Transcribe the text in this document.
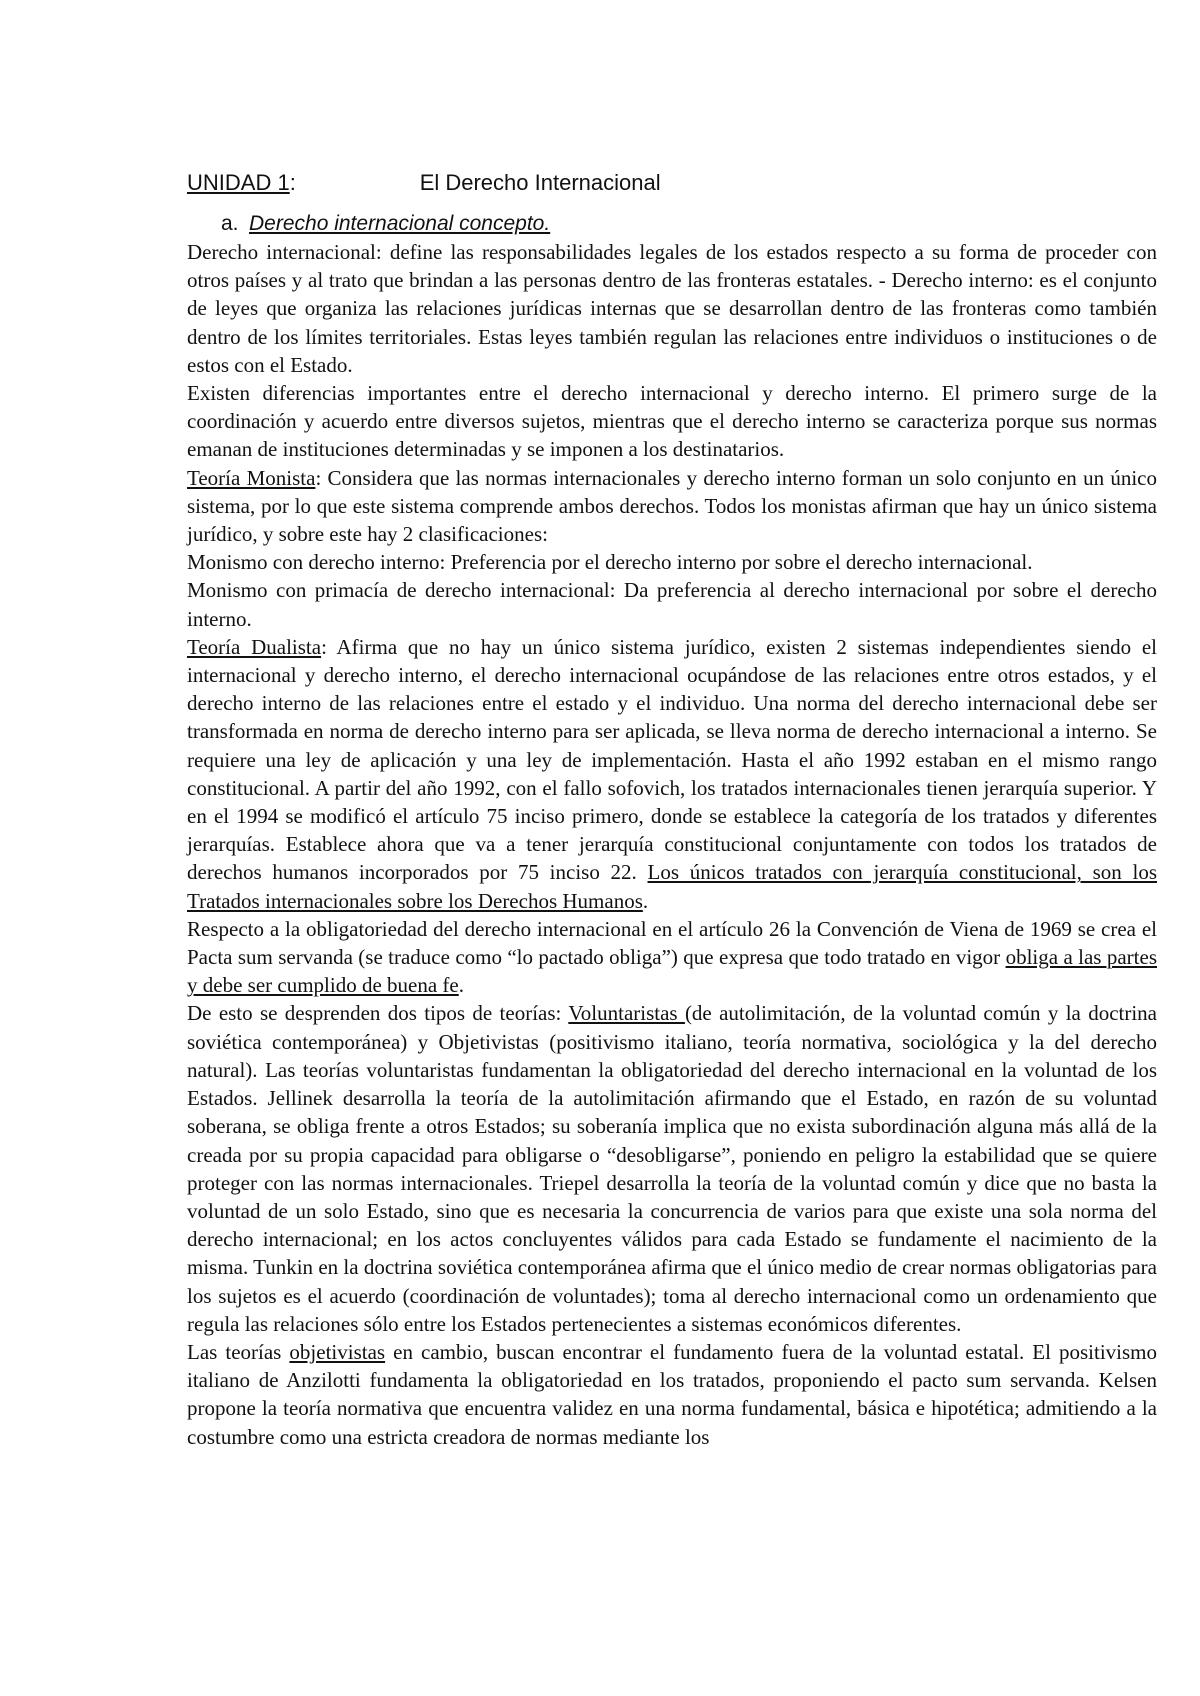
UNIDAD 1:	El Derecho Internacional
a. Derecho internacional concepto.

Derecho internacional: define las responsabilidades legales de los estados respecto a su forma de proceder con otros países y al trato que brindan a las personas dentro de las fronteras estatales. - Derecho interno: es el conjunto de leyes que organiza las relaciones jurídicas internas que se desarrollan dentro de las fronteras como también dentro de los límites territoriales. Estas leyes también regulan las relaciones entre individuos o instituciones o de estos con el Estado.

Existen diferencias importantes entre el derecho internacional y derecho interno. El primero surge de la coordinación y acuerdo entre diversos sujetos, mientras que el derecho interno se caracteriza porque sus normas emanan de instituciones determinadas y se imponen a los destinatarios.

Teoría Monista: Considera que las normas internacionales y derecho interno forman un solo conjunto en un único sistema, por lo que este sistema comprende ambos derechos. Todos los monistas afirman que hay un único sistema jurídico, y sobre este hay 2 clasificaciones:

Monismo con derecho interno: Preferencia por el derecho interno por sobre el derecho internacional.

Monismo con primacía de derecho internacional: Da preferencia al derecho internacional por sobre el derecho interno.

Teoría Dualista: Afirma que no hay un único sistema jurídico, existen 2 sistemas independientes siendo el internacional y derecho interno, el derecho internacional ocupándose de las relaciones entre otros estados, y el derecho interno de las relaciones entre el estado y el individuo. Una norma del derecho internacional debe ser transformada en norma de derecho interno para ser aplicada, se lleva norma de derecho internacional a interno. Se requiere una ley de aplicación y una ley de implementación. Hasta el año 1992 estaban en el mismo rango constitucional. A partir del año 1992, con el fallo sofovich, los tratados internacionales tienen jerarquía superior. Y en el 1994 se modificó el artículo 75 inciso primero, donde se establece la categoría de los tratados y diferentes jerarquías. Establece ahora que va a tener jerarquía constitucional conjuntamente con todos los tratados de derechos humanos incorporados por 75 inciso 22. Los únicos tratados con jerarquía constitucional, son los Tratados internacionales sobre los Derechos Humanos.

Respecto a la obligatoriedad del derecho internacional en el artículo 26 la Convención de Viena de 1969 se crea el Pacta sum servanda (se traduce como “lo pactado obliga”) que expresa que todo tratado en vigor obliga a las partes y debe ser cumplido de buena fe.

De esto se desprenden dos tipos de teorías: Voluntaristas (de autolimitación, de la voluntad común y la doctrina soviética contemporánea) y Objetivistas (positivismo italiano, teoría normativa, sociológica y la del derecho natural). Las teorías voluntaristas fundamentan la obligatoriedad del derecho internacional en la voluntad de los Estados. Jellinek desarrolla la teoría de la autolimitación afirmando que el Estado, en razón de su voluntad soberana, se obliga frente a otros Estados; su soberanía implica que no exista subordinación alguna más allá de la creada por su propia capacidad para obligarse o “desobligarse”, poniendo en peligro la estabilidad que se quiere proteger con las normas internacionales. Triepel desarrolla la teoría de la voluntad común y dice que no basta la voluntad de un solo Estado, sino que es necesaria la concurrencia de varios para que existe una sola norma del derecho internacional; en los actos concluyentes válidos para cada Estado se fundamente el nacimiento de la misma. Tunkin en la doctrina soviética contemporánea afirma que el único medio de crear normas obligatorias para los sujetos es el acuerdo (coordinación de voluntades); toma al derecho internacional como un ordenamiento que regula las relaciones sólo entre los Estados pertenecientes a sistemas económicos diferentes.

Las teorías objetivistas en cambio, buscan encontrar el fundamento fuera de la voluntad estatal. El positivismo italiano de Anzilotti fundamenta la obligatoriedad en los tratados, proponiendo el pacto sum servanda. Kelsen propone la teoría normativa que encuentra validez en una norma fundamental, básica e hipotética; admitiendo a la costumbre como una estricta creadora de normas mediante los
